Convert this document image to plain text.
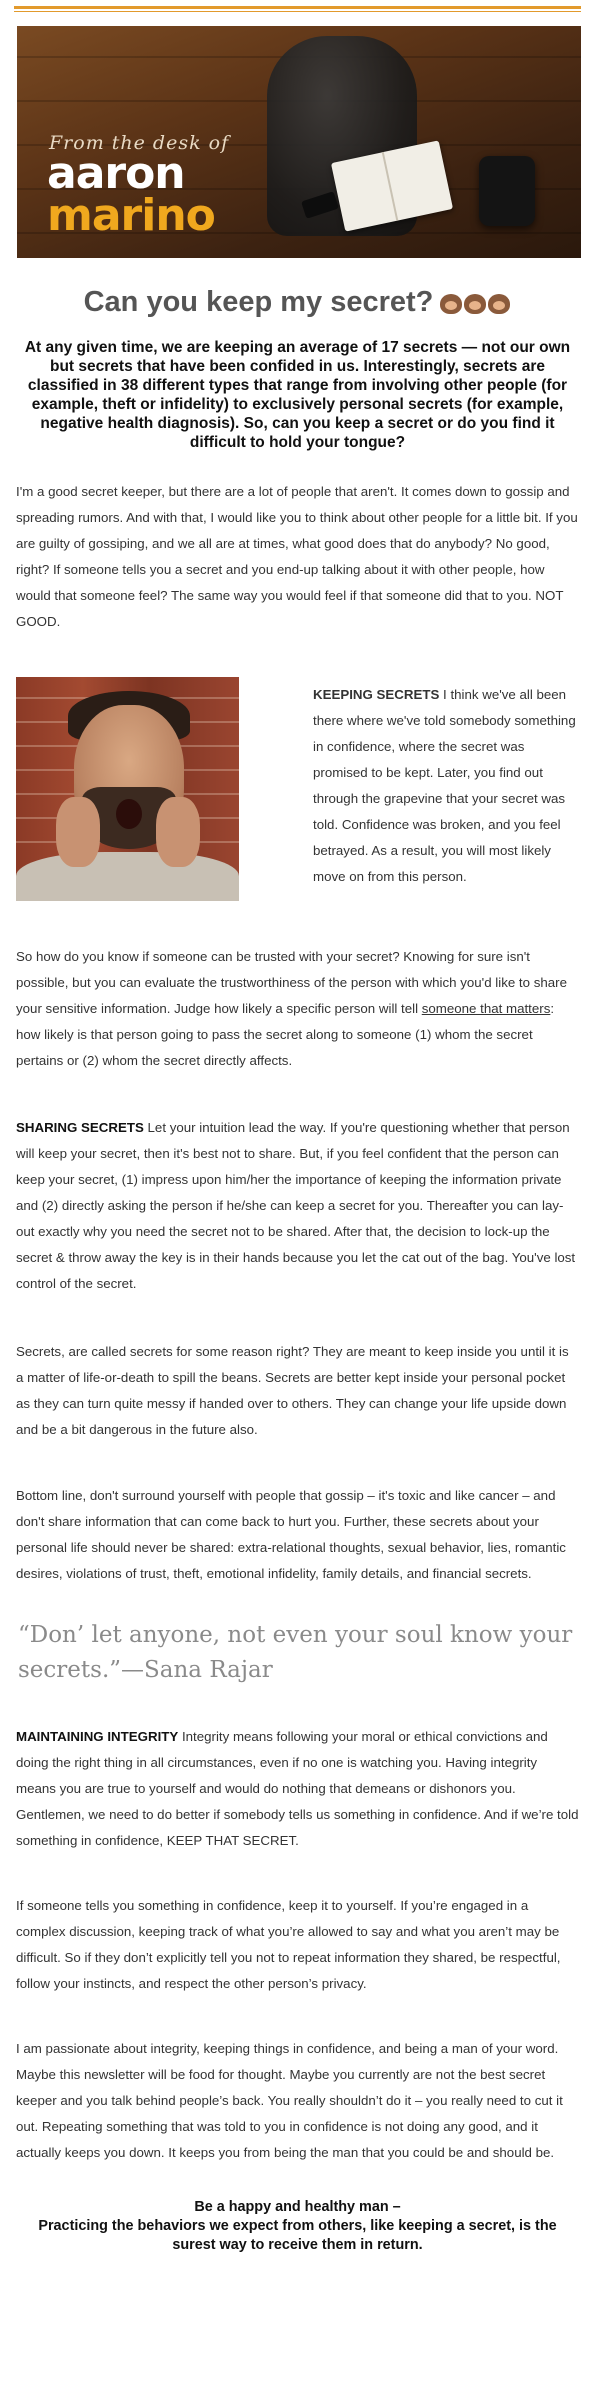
From the desk of
aaron
marino
Can you keep my secret?

At any given time, we are keeping an average of 17 secrets — not our own but secrets that have been confided in us. Interestingly, secrets are classified in 38 different types that range from involving other people (for example, theft or infidelity) to exclusively personal secrets (for example, negative health diagnosis). So, can you keep a secret or do you find it difficult to hold your tongue?

I'm a good secret keeper, but there are a lot of people that aren't. It comes down to gossip and spreading rumors. And with that, I would like you to think about other people for a little bit. If you are guilty of gossiping, and we all are at times, what good does that do anybody? No good, right? If someone tells you a secret and you end-up talking about it with other people, how would that someone feel? The same way you would feel if that someone did that to you. NOT GOOD.

KEEPING SECRETS I think we've all been there where we've told somebody something in confidence, where the secret was promised to be kept. Later, you find out through the grapevine that your secret was told. Confidence was broken, and you feel betrayed. As a result, you will most likely move on from this person.

So how do you know if someone can be trusted with your secret? Knowing for sure isn't possible, but you can evaluate the trustworthiness of the person with which you'd like to share your sensitive information. Judge how likely a specific person will tell someone that matters: how likely is that person going to pass the secret along to someone (1) whom the secret pertains or (2) whom the secret directly affects.

SHARING SECRETS Let your intuition lead the way. If you're questioning whether that person will keep your secret, then it's best not to share. But, if you feel confident that the person can keep your secret, (1) impress upon him/her the importance of keeping the information private and (2) directly asking the person if he/she can keep a secret for you. Thereafter you can lay-out exactly why you need the secret not to be shared. After that, the decision to lock-up the secret & throw away the key is in their hands because you let the cat out of the bag. You've lost control of the secret.

Secrets, are called secrets for some reason right? They are meant to keep inside you until it is a matter of life-or-death to spill the beans. Secrets are better kept inside your personal pocket as they can turn quite messy if handed over to others. They can change your life upside down and be a bit dangerous in the future also.

Bottom line, don't surround yourself with people that gossip – it's toxic and like cancer – and don't share information that can come back to hurt you. Further, these secrets about your personal life should never be shared: extra-relational thoughts, sexual behavior, lies, romantic desires, violations of trust, theft, emotional infidelity, family details, and financial secrets.

“Don’ let anyone, not even your soul know your secrets.”—Sana Rajar

MAINTAINING INTEGRITY Integrity means following your moral or ethical convictions and doing the right thing in all circumstances, even if no one is watching you. Having integrity means you are true to yourself and would do nothing that demeans or dishonors you. Gentlemen, we need to do better if somebody tells us something in confidence. And if we’re told something in confidence, KEEP THAT SECRET.

If someone tells you something in confidence, keep it to yourself. If you’re engaged in a complex discussion, keeping track of what you’re allowed to say and what you aren’t may be difficult. So if they don’t explicitly tell you not to repeat information they shared, be respectful, follow your instincts, and respect the other person’s privacy.

I am passionate about integrity, keeping things in confidence, and being a man of your word. Maybe this newsletter will be food for thought. Maybe you currently are not the best secret keeper and you talk behind people’s back. You really shouldn’t do it – you really need to cut it out. Repeating something that was told to you in confidence is not doing any good, and it actually keeps you down. It keeps you from being the man that you could be and should be.

Be a happy and healthy man –
Practicing the behaviors we expect from others, like keeping a secret, is the surest way to receive them in return.
